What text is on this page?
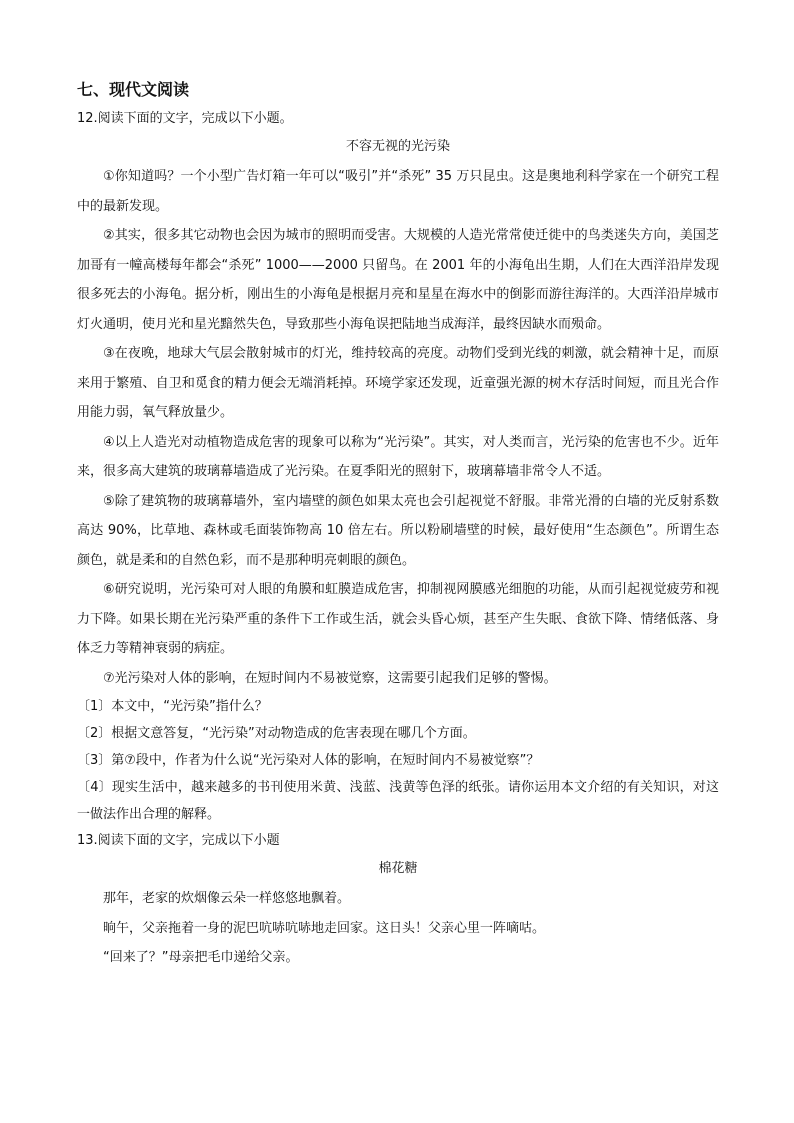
七、现代文阅读
12.阅读下面的文字，完成以下小题。
不容无视的光污染

①你知道吗？一个小型广告灯箱一年可以“吸引”并“杀死” 35 万只昆虫。这是奥地利科学家在一个研究工程中的最新发现。

②其实，很多其它动物也会因为城市的照明而受害。大规模的人造光常常使迁徙中的鸟类迷失方向，美国芝加哥有一幢高楼每年都会“杀死” 1000——2000 只留鸟。在 2001 年的小海龟出生期，人们在大西洋沿岸发现很多死去的小海龟。据分析，刚出生的小海龟是根据月亮和星星在海水中的倒影而游往海洋的。大西洋沿岸城市灯火通明，使月光和星光黯然失色，导致那些小海龟误把陆地当成海洋，最终因缺水而殒命。

③在夜晚，地球大气层会散射城市的灯光，维持较高的亮度。动物们受到光线的刺激，就会精神十足，而原来用于繁殖、自卫和觅食的精力便会无端消耗掉。环境学家还发现，近童强光源的树木存活时间短，而且光合作用能力弱，氧气释放量少。

④以上人造光对动植物造成危害的现象可以称为“光污染”。其实，对人类而言，光污染的危害也不少。近年来，很多高大建筑的玻璃幕墙造成了光污染。在夏季阳光的照射下，玻璃幕墙非常令人不适。

⑤除了建筑物的玻璃幕墙外，室内墙壁的颜色如果太亮也会引起视觉不舒服。非常光滑的白墙的光反射系数高达 90%，比草地、森林或毛面装饰物高 10 倍左右。所以粉刷墙壁的时候，最好使用“生态颜色”。所谓生态颜色，就是柔和的自然色彩，而不是那种明亮刺眼的颜色。

⑥研究说明，光污染可对人眼的角膜和虹膜造成危害，抑制视网膜感光细胞的功能，从而引起视觉疲劳和视力下降。如果长期在光污染严重的条件下工作或生活，就会头昏心烦，甚至产生失眠、食欲下降、情绪低落、身体乏力等精神衰弱的病症。

⑦光污染对人体的影响，在短时间内不易被觉察，这需要引起我们足够的警惕。

〔1〕本文中，“光污染”指什么？

〔2〕根据文意答复，“光污染”对动物造成的危害表现在哪几个方面。

〔3〕第⑦段中，作者为什么说“光污染对人体的影响，在短时间内不易被觉察”？

〔4〕现实生活中，越来越多的书刊使用米黄、浅蓝、浅黄等色泽的纸张。请你运用本文介绍的有关知识，对这一做法作出合理的解释。

13.阅读下面的文字，完成以下小题
棉花糖

那年，老家的炊烟像云朵一样悠悠地飘着。

晌午，父亲拖着一身的泥巴吭哧吭哧地走回家。这日头！父亲心里一阵嘀咕。

“回来了？”母亲把毛巾递给父亲。
